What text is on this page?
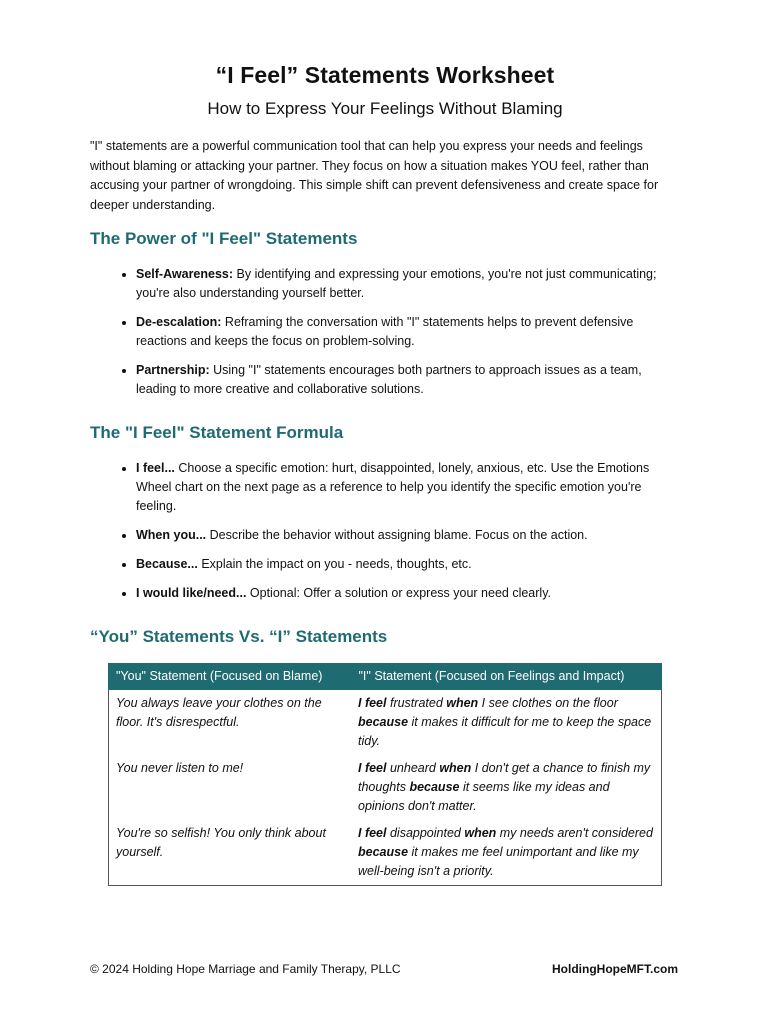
“I Feel” Statements Worksheet
How to Express Your Feelings Without Blaming

"I" statements are a powerful communication tool that can help you express your needs and feelings without blaming or attacking your partner. They focus on how a situation makes YOU feel, rather than accusing your partner of wrongdoing. This simple shift can prevent defensiveness and create space for deeper understanding.

The Power of "I Feel" Statements
• Self-Awareness: By identifying and expressing your emotions, you're not just communicating; you're also understanding yourself better.
• De-escalation: Reframing the conversation with "I" statements helps to prevent defensive reactions and keeps the focus on problem-solving.
• Partnership: Using "I" statements encourages both partners to approach issues as a team, leading to more creative and collaborative solutions.
The "I Feel" Statement Formula
• I feel... Choose a specific emotion: hurt, disappointed, lonely, anxious, etc. Use the Emotions Wheel chart on the next page as a reference to help you identify the specific emotion you're feeling.
• When you... Describe the behavior without assigning blame. Focus on the action.
• Because... Explain the impact on you - needs, thoughts, etc.
• I would like/need... Optional: Offer a solution or express your need clearly.
“You” Statements Vs. “I” Statements
"You" Statement (Focused on Blame)	"I" Statement (Focused on Feelings and Impact)
You always leave your clothes on the floor. It's disrespectful.	I feel frustrated when I see clothes on the floor because it makes it difficult for me to keep the space tidy.
You never listen to me!	I feel unheard when I don't get a chance to finish my thoughts because it seems like my ideas and opinions don't matter.
You're so selfish! You only think about yourself.	I feel disappointed when my needs aren't considered because it makes me feel unimportant and like my well-being isn't a priority.
© 2024 Holding Hope Marriage and Family Therapy, PLLC	HoldingHopeMFT.com
